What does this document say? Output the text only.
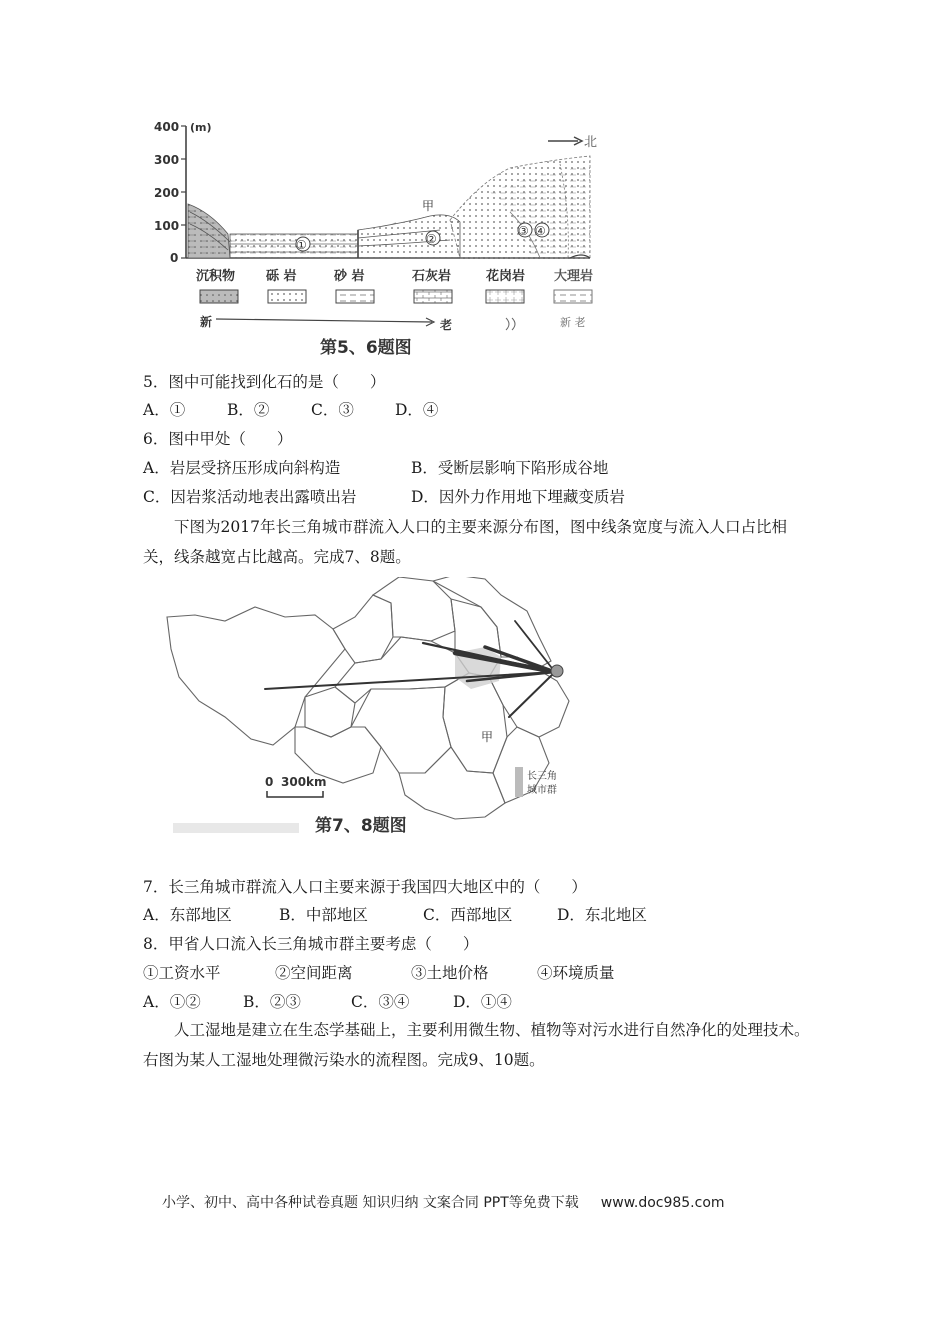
400
300
200
100
0
(m)
北
①
甲
②
③ ④
沉积物 砾 岩	砂 岩	石灰岩	花岗岩 大理岩
新	老	新 老
第5、6题图
5．图中可能找到化石的是（　　）
A．①	B．②	C．③	D．④
6．图中甲处（　　）
A．岩层受挤压形成向斜构造	B．受断层影响下陷形成谷地
C．因岩浆活动地表出露喷出岩	D．因外力作用地下埋藏变质岩
下图为2017年长三角城市群流入人口的主要来源分布图，图中线条宽度与流入人口占比相关，线条越宽占比越高。完成7、8题。
甲
0 300km	长三角
城市群
第7、8题图
7．长三角城市群流入人口主要来源于我国四大地区中的（　　）
A．东部地区	B．中部地区	C．西部地区	D．东北地区
8．甲省人口流入长三角城市群主要考虑（　　）
①工资水平	②空间距离	③土地价格	④环境质量
A．①②	B．②③	C．③④	D．①④
人工湿地是建立在生态学基础上，主要利用微生物、植物等对污水进行自然净化的处理技术。右图为某人工湿地处理微污染水的流程图。完成9、10题。
小学、初中、高中各种试卷真题 知识归纳 文案合同 PPT等免费下载 www.doc985.com
